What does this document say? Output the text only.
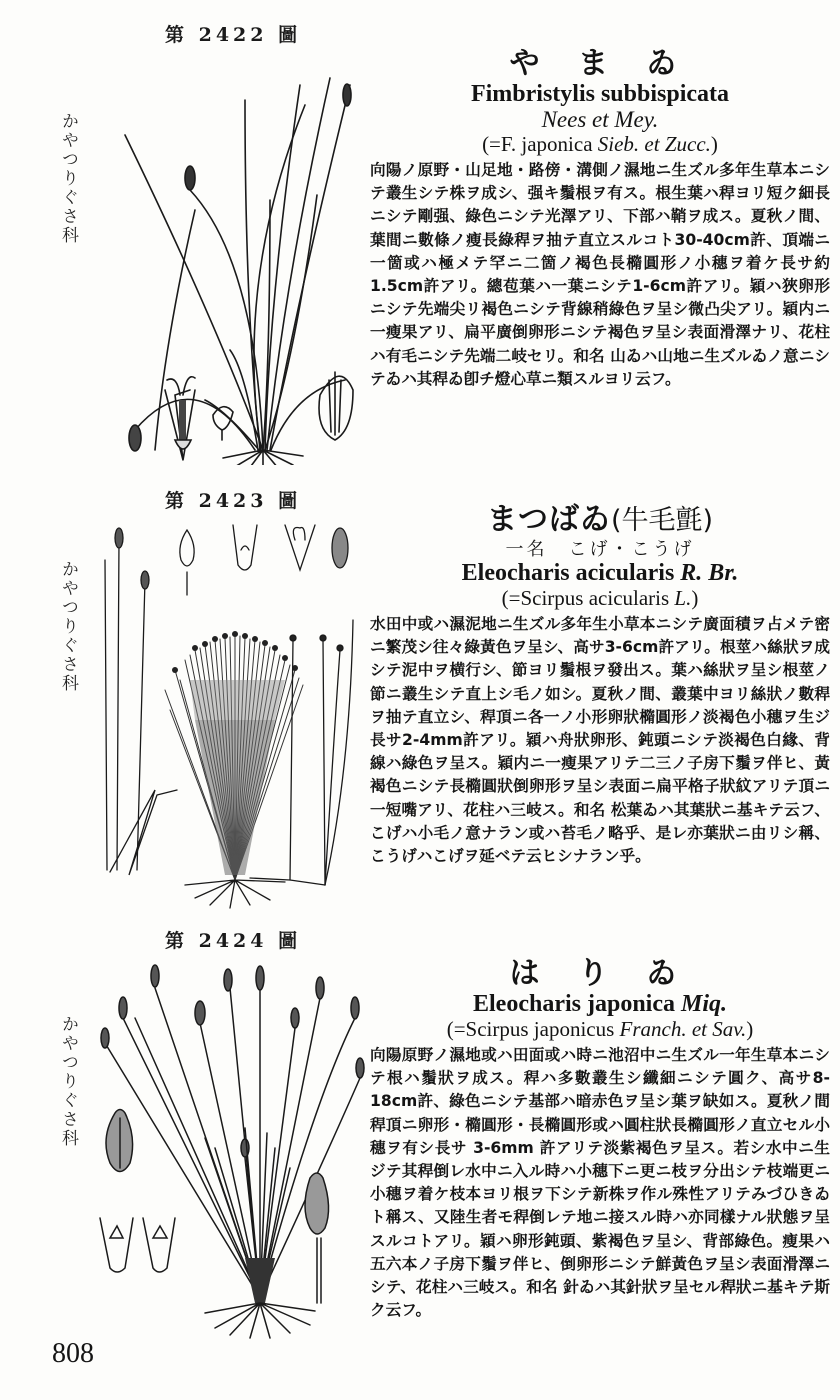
第 2422 圖
かやつりぐさ科
や ま ゐ
Fimbristylis subbispicata
Nees et Mey.
(=F. japonica Sieb. et Zucc.)
向陽ノ原野・山足地・路傍・溝側ノ濕地ニ生ズル多年生草本ニシテ叢生シテ株ヲ成シ、强キ鬚根ヲ有ス。根生葉ハ稈ヨリ短ク細長ニシテ剛强、綠色ニシテ光澤アリ、下部ハ鞘ヲ成ス。夏秋ノ間、葉間ニ數條ノ瘦長綠稈ヲ抽テ直立スルコト30-40cm許、頂端ニ一箇或ハ極メテ罕ニ二箇ノ褐色長橢圓形ノ小穗ヲ着ケ長サ約1.5cm許アリ。總苞葉ハ一葉ニシテ1-6cm許アリ。穎ハ狹卵形ニシテ先端尖リ褐色ニシテ背線稍綠色ヲ呈シ微凸尖アリ。穎内ニ一瘦果アリ、扁平廣倒卵形ニシテ褐色ヲ呈シ表面滑澤ナリ、花柱ハ有毛ニシテ先端二岐セリ。和名 山ゐハ山地ニ生ズルゐノ意ニシテゐハ其稈ゐ卽チ燈心草ニ類スルヨリ云フ。
第 2423 圖
かやつりぐさ科
まつばゐ(牛毛氈)
一名　こげ・こうげ
Eleocharis acicularis R. Br.
(=Scirpus acicularis L.)
水田中或ハ濕泥地ニ生ズル多年生小草本ニシテ廣面積ヲ占メテ密ニ繁茂シ往々綠黃色ヲ呈シ、高サ3-6cm許アリ。根莖ハ絲狀ヲ成シテ泥中ヲ横行シ、節ヨリ鬚根ヲ發出ス。葉ハ絲狀ヲ呈シ根莖ノ節ニ叢生シテ直上シ毛ノ如シ。夏秋ノ間、叢葉中ヨリ絲狀ノ數稈ヲ抽テ直立シ、稈頂ニ各一ノ小形卵狀橢圓形ノ淡褐色小穗ヲ生ジ長サ2-4mm許アリ。穎ハ舟狀卵形、鈍頭ニシテ淡褐色白緣、背線ハ綠色ヲ呈ス。穎内ニ一瘦果アリテ二三ノ子房下鬚ヲ伴ヒ、黃褐色ニシテ長橢圓狀倒卵形ヲ呈シ表面ニ扁平格子狀紋アリテ頂ニ一短嘴アリ、花柱ハ三岐ス。和名 松葉ゐハ其葉狀ニ基キテ云フ、こげハ小毛ノ意ナラン或ハ苔毛ノ略乎、是レ亦葉狀ニ由リシ稱、こうげハこげヲ延ベテ云ヒシナラン乎。
第 2424 圖
かやつりぐさ科
は り ゐ
Eleocharis japonica Miq.
(=Scirpus japonicus Franch. et Sav.)
向陽原野ノ濕地或ハ田面或ハ時ニ池沼中ニ生ズル一年生草本ニシテ根ハ鬚狀ヲ成ス。稈ハ多數叢生シ纖細ニシテ圓ク、高サ8-18cm許、綠色ニシテ基部ハ暗赤色ヲ呈シ葉ヲ缺如ス。夏秋ノ間稈頂ニ卵形・橢圓形・長橢圓形或ハ圓柱狀長橢圓形ノ直立セル小穗ヲ有シ長サ 3-6mm 許アリテ淡紫褐色ヲ呈ス。若シ水中ニ生ジテ其稈倒レ水中ニ入ル時ハ小穗下ニ更ニ枝ヲ分出シテ枝端更ニ小穗ヲ着ケ枝本ヨリ根ヲ下シテ新株ヲ作ル殊性アリテみづひきゐト稱ス、又陸生者モ稈倒レテ地ニ接スル時ハ亦同樣ナル狀態ヲ呈スルコトアリ。穎ハ卵形鈍頭、紫褐色ヲ呈シ、背部綠色。瘦果ハ五六本ノ子房下鬚ヲ伴ヒ、倒卵形ニシテ鮮黃色ヲ呈シ表面滑澤ニシテ、花柱ハ三岐ス。和名 針ゐハ其針狀ヲ呈セル稈狀ニ基キテ斯ク云フ。
808
